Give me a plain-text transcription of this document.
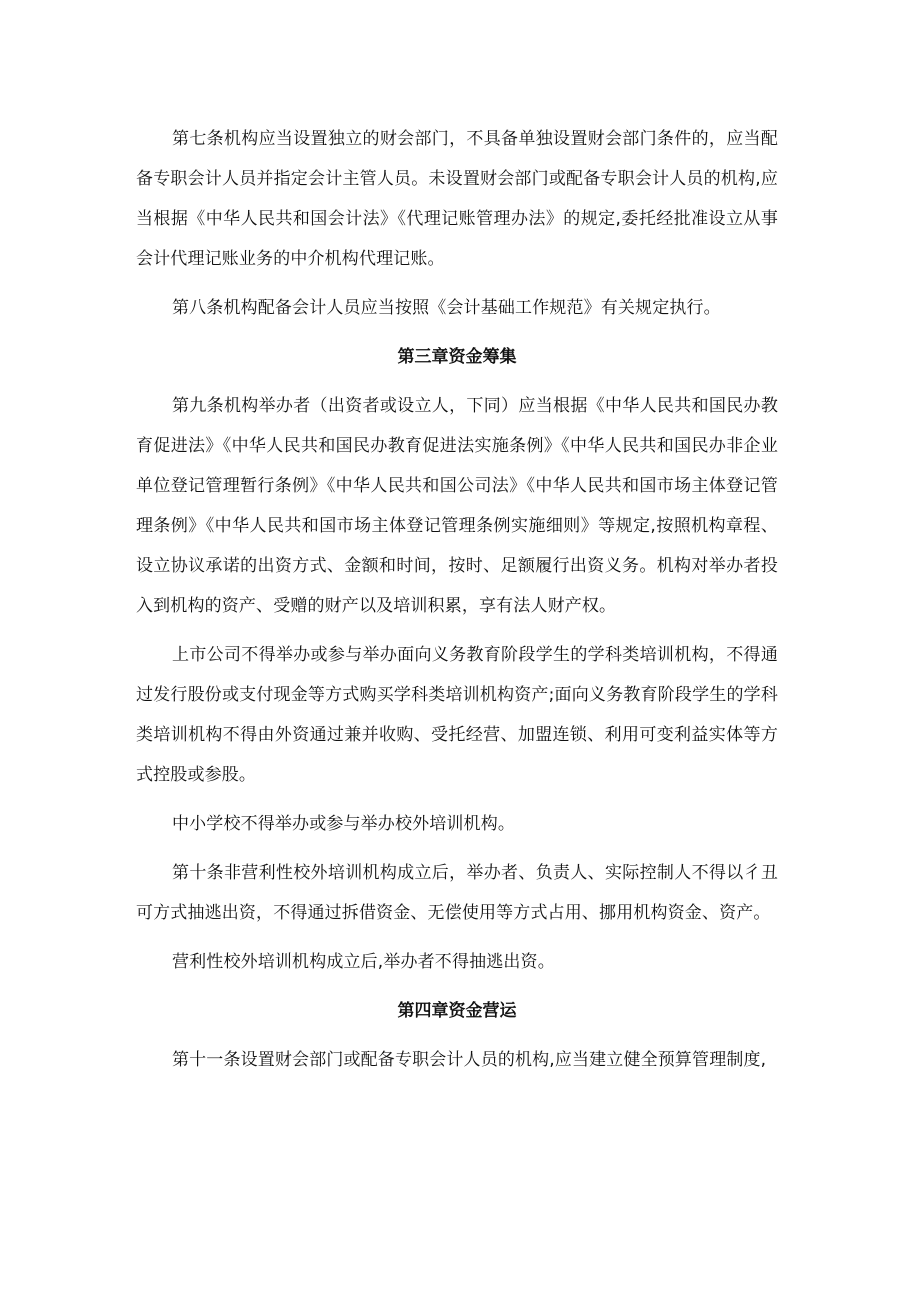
第七条机构应当设置独立的财会部门，不具备单独设置财会部门条件的，应当配备专职会计人员并指定会计主管人员。未设置财会部门或配备专职会计人员的机构,应当根据《中华人民共和国会计法》《代理记账管理办法》的规定,委托经批准设立从事会计代理记账业务的中介机构代理记账。

第八条机构配备会计人员应当按照《会计基础工作规范》有关规定执行。

第三章资金筹集

第九条机构举办者（出资者或设立人，下同）应当根据《中华人民共和国民办教育促进法》《中华人民共和国民办教育促进法实施条例》《中华人民共和国民办非企业单位登记管理暂行条例》《中华人民共和国公司法》《中华人民共和国市场主体登记管理条例》《中华人民共和国市场主体登记管理条例实施细则》等规定,按照机构章程、设立协议承诺的出资方式、金额和时间，按时、足额履行出资义务。机构对举办者投入到机构的资产、受赠的财产以及培训积累，享有法人财产权。

上市公司不得举办或参与举办面向义务教育阶段学生的学科类培训机构，不得通过发行股份或支付现金等方式购买学科类培训机构资产;面向义务教育阶段学生的学科类培训机构不得由外资通过兼并收购、受托经营、加盟连锁、利用可变利益实体等方式控股或参股。

中小学校不得举办或参与举办校外培训机构。

第十条非营利性校外培训机构成立后，举办者、负责人、实际控制人不得以彳丑可方式抽逃出资，不得通过拆借资金、无偿使用等方式占用、挪用机构资金、资产。

营利性校外培训机构成立后,举办者不得抽逃出资。

第四章资金营运

第十一条设置财会部门或配备专职会计人员的机构,应当建立健全预算管理制度,
